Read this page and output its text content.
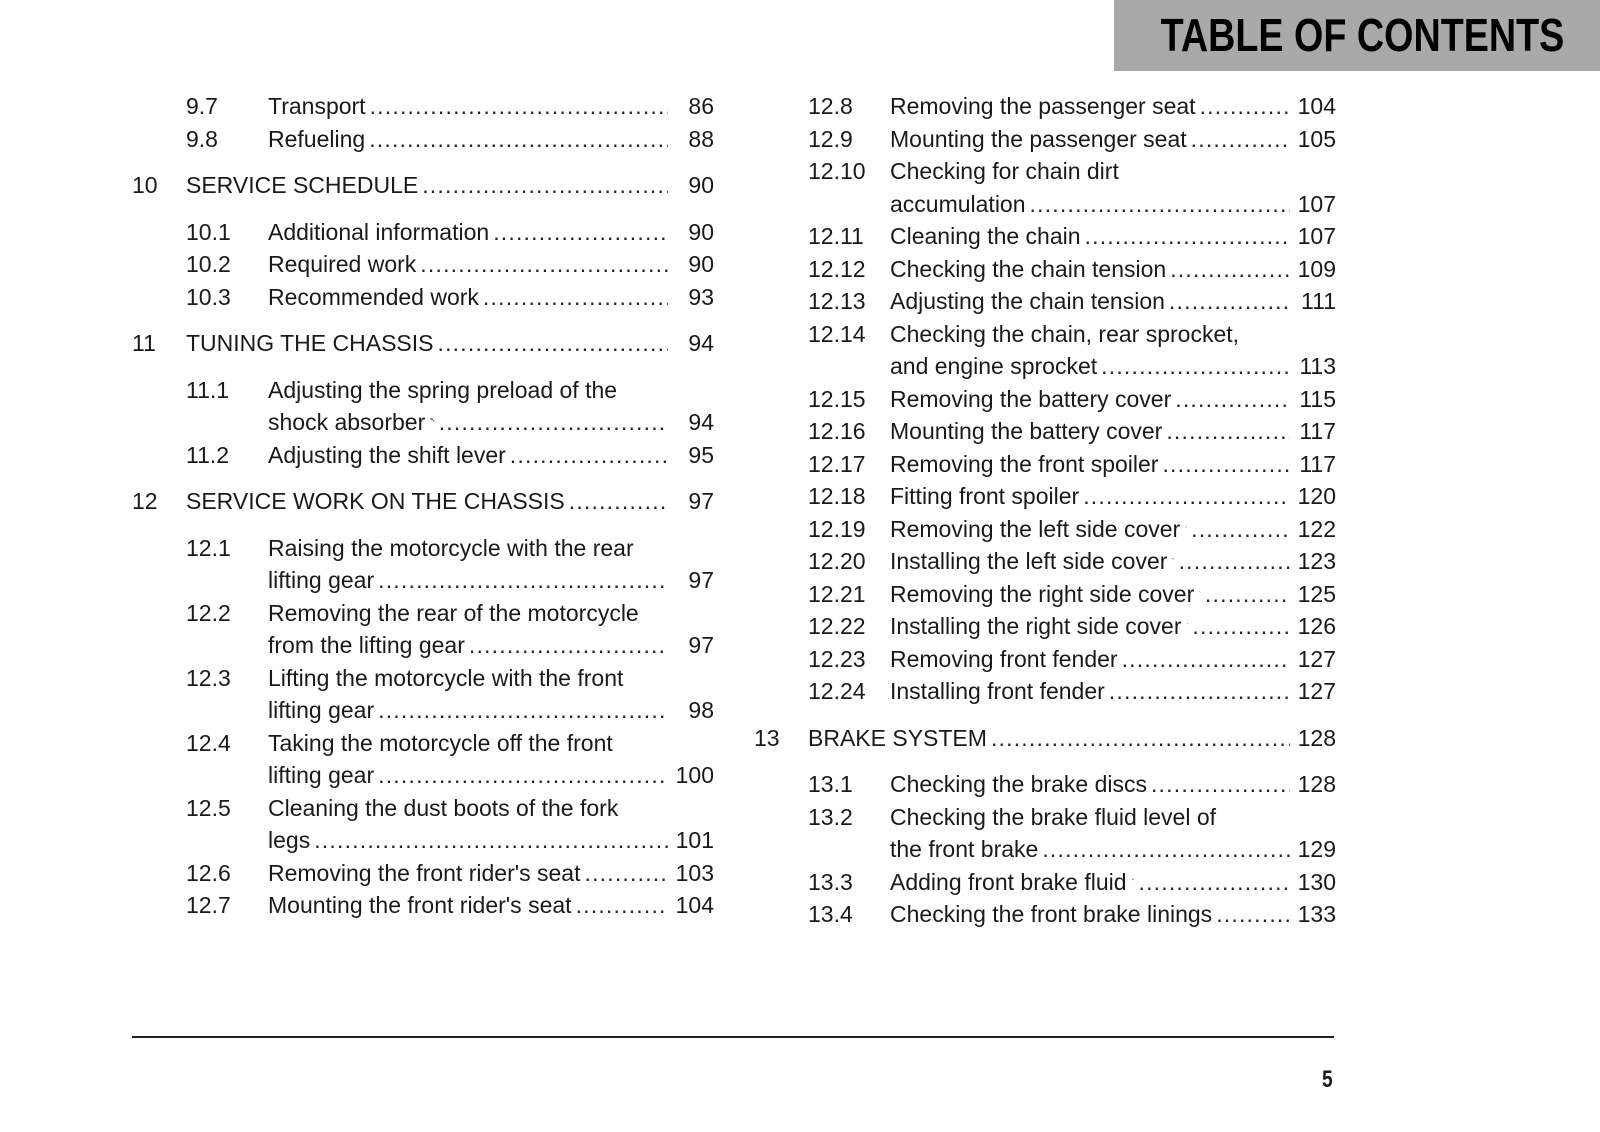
TABLE OF CONTENTS
9.7	Transport .....	86
9.8	Refueling .....	88
10	SERVICE SCHEDULE .....	90
10.1	Additional information .....	90
10.2	Required work .....	90
10.3	Recommended work .....	93
11	TUNING THE CHASSIS .....	94
11.1	Adjusting the spring preload of the
shock absorber .....	94
11.2	Adjusting the shift lever .....	95
12	SERVICE WORK ON THE CHASSIS .....	97
12.1	Raising the motorcycle with the rear
lifting gear .....	97
12.2	Removing the rear of the motorcycle
from the lifting gear .....	97
12.3	Lifting the motorcycle with the front
lifting gear .....	98
12.4	Taking the motorcycle off the front
lifting gear .....	100
12.5	Cleaning the dust boots of the fork
legs .....	101
12.6	Removing the front rider's seat .....	103
12.7	Mounting the front rider's seat .....	104
12.8	Removing the passenger seat .....	104
12.9	Mounting the passenger seat .....	105
12.10	Checking for chain dirt
accumulation .....	107
12.11	Cleaning the chain .....	107
12.12	Checking the chain tension .....	109
12.13	Adjusting the chain tension .....	111
12.14	Checking the chain, rear sprocket,
and engine sprocket .....	113
12.15	Removing the battery cover .....	115
12.16	Mounting the battery cover .....	117
12.17	Removing the front spoiler .....	117
12.18	Fitting front spoiler .....	120
12.19	Removing the left side cover .....	122
12.20	Installing the left side cover .....	123
12.21	Removing the right side cover .....	125
12.22	Installing the right side cover .....	126
12.23	Removing front fender .....	127
12.24	Installing front fender .....	127
13	BRAKE SYSTEM .....	128
13.1	Checking the brake discs .....	128
13.2	Checking the brake fluid level of
the front brake .....	129
13.3	Adding front brake fluid .....	130
13.4	Checking the front brake linings .....	133
5
